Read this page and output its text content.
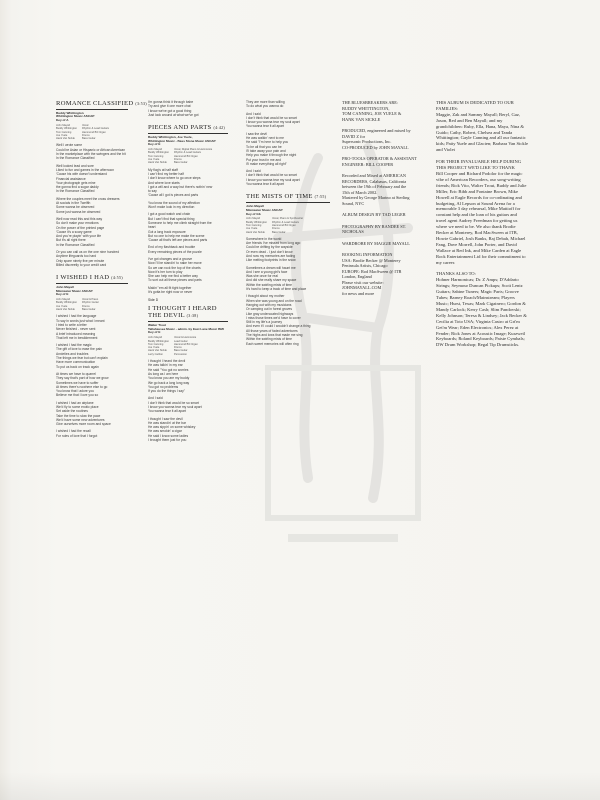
ROMANCE CLASSIFIED (3:53)
Buddy Whittington
Whittington Music ASCAP
Key of A
John Mayall	Vocal
Buddy Whittington	Rhythm & Lead Guitars
Tom Canning	Hammond B3 Organ
Joe Yuele	Drums
Hank Van Sickle	Bass Guitar
Well I wrote some
Could be Asian or Hispanic or African American
In the marketplace with the swingers and the bit
In the Romance Classified
Well looked lead and sore
Liked to fun and games in the afternoon
'Cause his wife doesn't understand
Financial assistance
Your photograph gets mine
the gonna find a sugar daddy
In the Romance Classified
Where the couples meet the cross dressers
At socials in the Twelfth
Some wanna be observed
Some just wanna be observed
Well now read this and this way
So don't make your emotions
On the power of the printed page
'Cause it's a scary game
And you're playin' with your life
But it's all right there
In the Romance Classified
Or you can call us on the one nine hundred
Anytime lifeguards too hard
Only spare ninety five per minute
Billed discreetly to your credit card
I WISHED I HAD (4:55)
John Mayall
Mixmaster Music ASCAP
Key of E
John Mayall	Vocal & Piano
Buddy Whittington	Rhythm Guitar
Joe Yuele	Drums
Hank Van Sickle	Bass Guitar
I wished I had the language
To say in words just what I meant
I tried to write a letter
Never finished - never sent
A brief introduced meaning
That left me in bewilderment
I wished I had the magic
The gift of love to ease the pain
Anxieties and troubles
The things we fear but can't explain
Have more communication
To put us back on track again
At times we have to quarrel
They say that's part of how we grow
Sometimes we have to suffer
At times there's nowhere else to go
You know that I adore you
Believe me that I love you so
I wished I had an airplane
We'd fly to some exotic place
Set aside the routines
Take the time to slow the pace
We'd have some new adventures
Give ourselves more room and space
I wished I had the recall
For rules of love that I forgot
I'm gonna think it through babe
Try and give it one more chat
I know we've got a good thing
Just look around at what we've got
PIECES AND PARTS (4:42)
Buddy Whittington, Joe Yuele,
Whittington Music - Bass Stone Music ASCAP
Key of E
John Mayall	Vocal, Digital Piano & Harmonica
Buddy Whittington	Rhythm & Lead Guitars
Tom Canning	Hammond B3 Organ
Joe Yuele	Drums
Hank Van Sickle	Bass Guitar
My flag's at half staff
I can't find my better half
I don't know where to go once steps
And where love starts
I got a will and a way but there's nothin' new
to say
'Cause all I got is pieces and parts
You know the sound of my affection
Won't make look in my direction
I got a good watch and chain
But I can't find that special thing
Someone to help me climb straight from the
heart
Got a long track exposure
But no one to help me make the scene
'Cause all that's left are pieces and parts
End of my flashback and trouble
Every remaining pieces of the puzzle
I've got changes and a groove
Now I'll be standin' to nake her move
So we can rock the top of the charts
Now it's her turn to play
She can help me find a better way
To sort out all these pieces and parts
Makin' 'em all fit tight together
It's gotta be right now or never
Side D
I THOUGHT I HEARD THE DEVIL (3:38)
Walter Trout
Tallahassee Music - admin. by East Lane Music BMI
Key of E
John Mayall	Vocal & Harmonica
Buddy Whittington	Lead Guitar
Tom Canning	Hammond B3 Organ
Joe Yuele	Drums
Hank Van Sickle	Bass Guitar
Larry Carlton	Percussion
I thought I heard the devil
He was talkin' in my ear
He said "You got no worries
As long as I am here
You know you are my buddy
We go back a long long way
You got no problems
If you do the things I say"
And I said
I don't think that would be so smart
I know you wanna tear my soul apart
You wanna tear it all apart
I thought I saw the devil
He was standin' at the bar
He was sippin' on some whiskey
He was smokin' a cigar
He said I know some ladies
I brought them just for you
They are more than willing
To do what you wanna do
And I said
I don't think that would be so smart
I know you wanna tear my soul apart
You wanna tear it all apart
I saw the devil
He was walkin' next to me
He said "I'm here to help you
To be all that you can be
I'll take away your pain and
Help you make it through the night
Put your trust in me and
I'll make everything all right"
And I said
I don't think that would be so smart
I know you wanna tear my soul apart
You wanna tear it all apart
THE MISTS OF TIME (7:55)
John Mayall
Mixmaster Music ASCAP
Key of Gb
John Mayall	Vocal, Piano & Synthesizer
Buddy Whittington	Rhythm & Lead Guitars
Tom Canning	Hammond B3 Organ
Joe Yuele	Drums
Hank Van Sickle	Bass Guitar
Somewhere in the world
Are friends I've missed from long ago
Could be drifting by the wayside
Or even dead - I just don't know
And now my memories are fading
Like melting footprints in the snow
Sometimes a dream will haunt me
And I see a young girl's face
Was she once for real
And did she really share my space
Within the swirling mists of time
It's hard to keep a track of time and place
I thought about my mother
When she was young and on the road
Hanging out with my musicians
Or camping out in forest groves
Like gray undercoated highways
I miss those times we'd have to cover
Still in my life's a journey
And even if I could I wouldn't change a thing
All those years of faded adventures
The highs and lows that made me sing
Within the swirling mists of time
Each sweet memories will often ring
THE BLUESBREAKERS ARE:
BUDDY WHITTINGTON,
TOM CANNING, JOE YUELE &
HANK VAN SICKLE
PRODUCED, engineered and mixed by
DAVID Z for
Supersonic Productions, Inc.
CO-PRODUCED by JOHN MAYALL
PRO-TOOLS OPERATOR & ASSISTANT
ENGINEER: BILL COOPER
Recorded and Mixed at AMERICAN
RECORDERS, Calabasas, California
between the 19th of February and the
15th of March 2002.
Mastered by George Marino at Sterling
Sound, NYC
ALBUM DESIGN BY TAD LEGER
PHOTOGRAPHY BY RANDEE ST.
NICHOLAS
WARDROBE BY MAGGIE MAYALL
BOOKING INFORMATION
USA: Brodie Becker @ Monterey
Peninsula Artists, Chicago
EUROPE: Rod MacSween @ ITB
London, England
Please visit our website:
JOHNMAYALL.COM
for news and more
THIS ALBUM IS DEDICATED TO OUR FAMILIES:
Maggie, Zak and Sammy Mayall; Beryl, Gaz, Jason, Red and Ben Mayall; and my grandchildren: Ruby, Ella, Hana, Maya, Nina & Guido; Cathy, Robert, Chelsea and Tanda Whittington; Gayle Canning and all our fantastic kids; Patty Yuele and Glacien; Barbara Van Sickle and Violet
FOR THEIR INVALUABLE HELP DURING THIS PROJECT WE'D LIKE TO THANK
Bill Cooper and Richard Podolor for the magic vibe of American Recorders, our song-writing friends; Rick Vito, Walter Trout, Buddy and Julie Miller, Eric Bibb and Fontaine Brown, Mike Howell at Eagle Records for co-ordinating and budgeting, Al Lepson at Sound Arena for a memorable 3 day rehearsal, Mike Mattioff for constant help and the loan of his guitars and travel agent Audrey Freedman for getting us where we need to be. We also thank Brodie Becker at Monterey, Rod MacSween at ITB, Howie Gabriel, Josh Banks, Raj Debah, Michael Fang, Dave Morrell, John Porter, and David Wallace at Red Ink, and Mike Carden at Eagle Rock Entertainment Ltd for their commitment to my career.
THANKS ALSO TO:
Hohner Harmonicas; Dr. Z Amps; D'Addario Strings; Seymour Duncan Pickups; Scott Lentz Guitars; Sabine Tuners; Magic Parts; Groove Tubes; Barney Roach/Mainstream; Players Music; Hurst, Texas; Mark Cigainero; Gordon & Mandy Carlock; Kerry Cash; Slim Pandovski; Kelly Johnson; Teresa & Lindsey; Jack Becker & Cecilia at Toto USA; Virginia Castro at Grt'm Get'm Wear; Eden Electronics; Alex Perez at Fender; Rick Jones at Acoustic Image; Kurzweil Keyboards; Roland Keyboards; Paiste Cymbals; DW Drum Workshop; Regal Tip Drumsticks.
